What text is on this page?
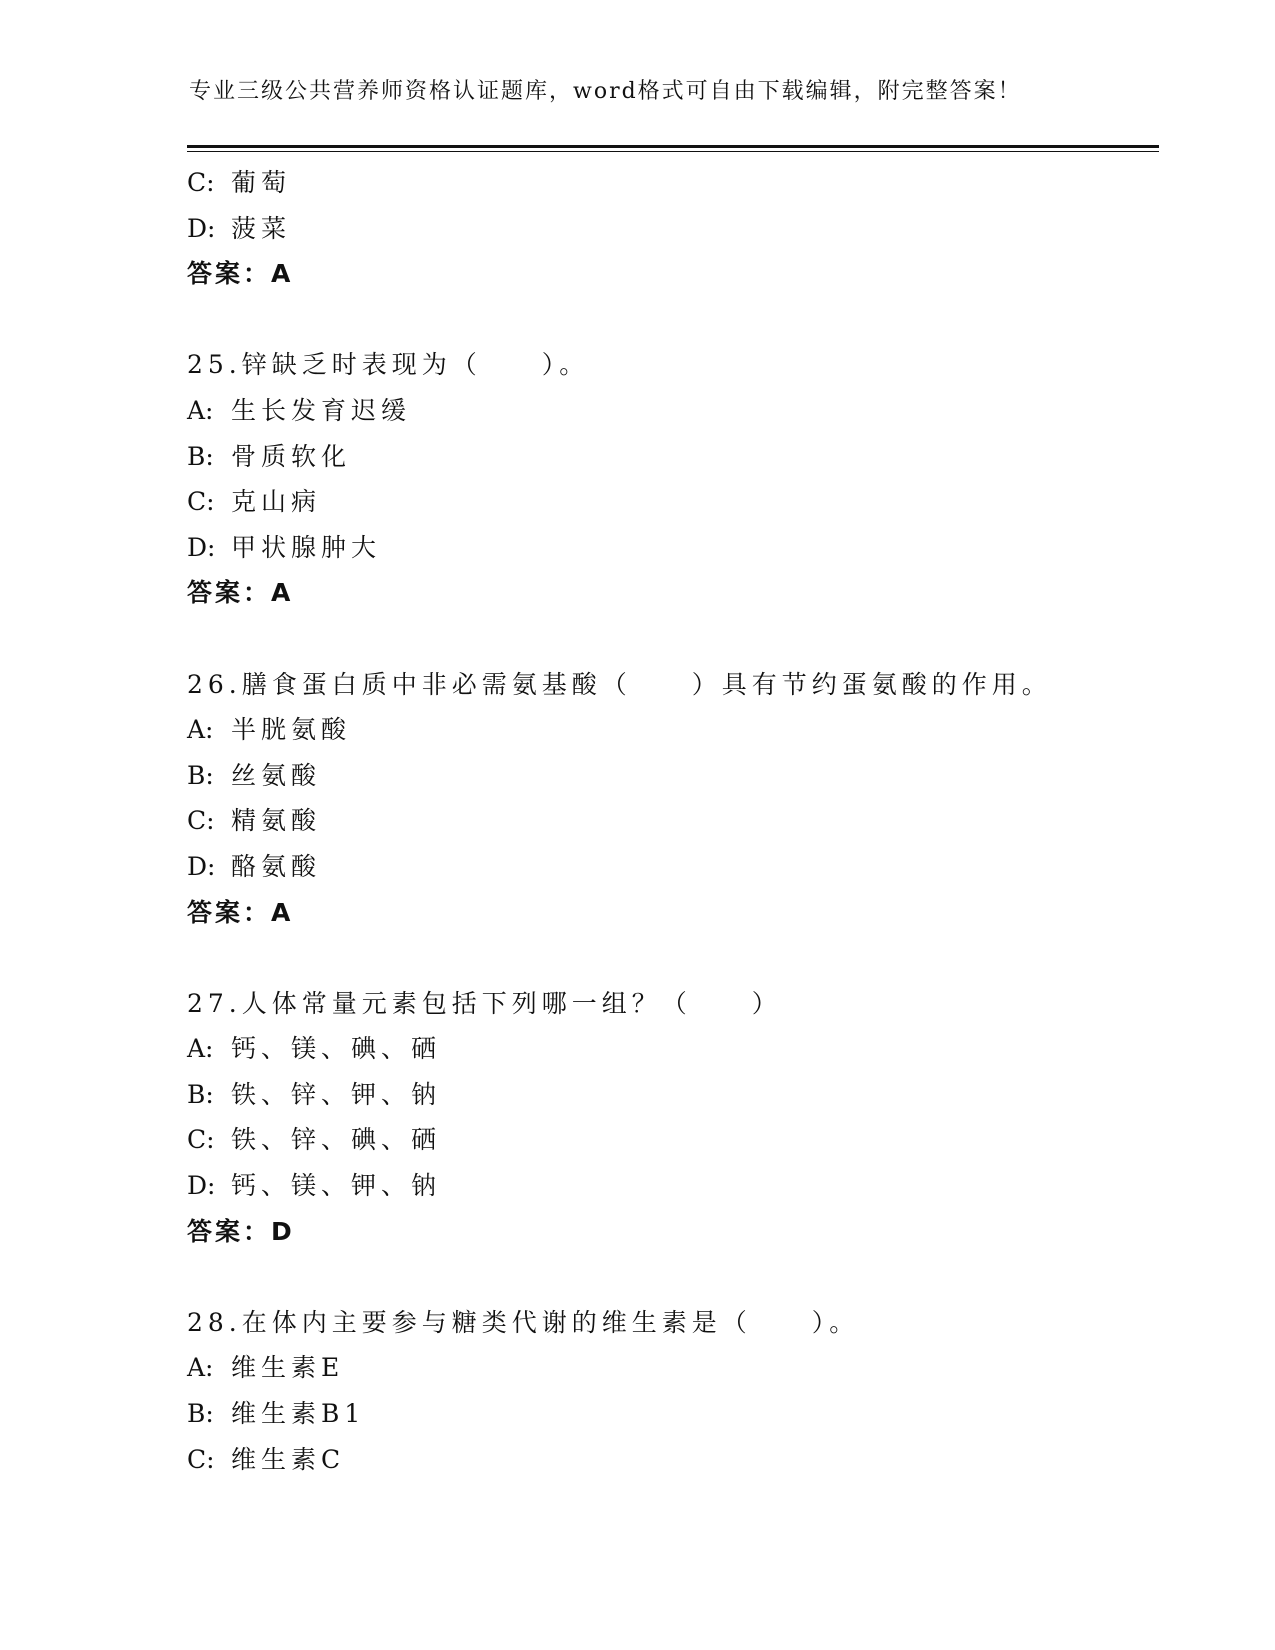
专业三级公共营养师资格认证题库，word格式可自由下载编辑，附完整答案！
C: 葡萄
D: 菠菜
答案：A
25.锌缺乏时表现为（　　）。
A: 生长发育迟缓
B: 骨质软化
C: 克山病
D: 甲状腺肿大
答案：A
26.膳食蛋白质中非必需氨基酸（　　）具有节约蛋氨酸的作用。
A: 半胱氨酸
B: 丝氨酸
C: 精氨酸
D: 酪氨酸
答案：A
27.人体常量元素包括下列哪一组？（　　）
A: 钙、镁、碘、硒
B: 铁、锌、钾、钠
C: 铁、锌、碘、硒
D: 钙、镁、钾、钠
答案：D
28.在体内主要参与糖类代谢的维生素是（　　）。
A: 维生素E
B: 维生素B1
C: 维生素C
